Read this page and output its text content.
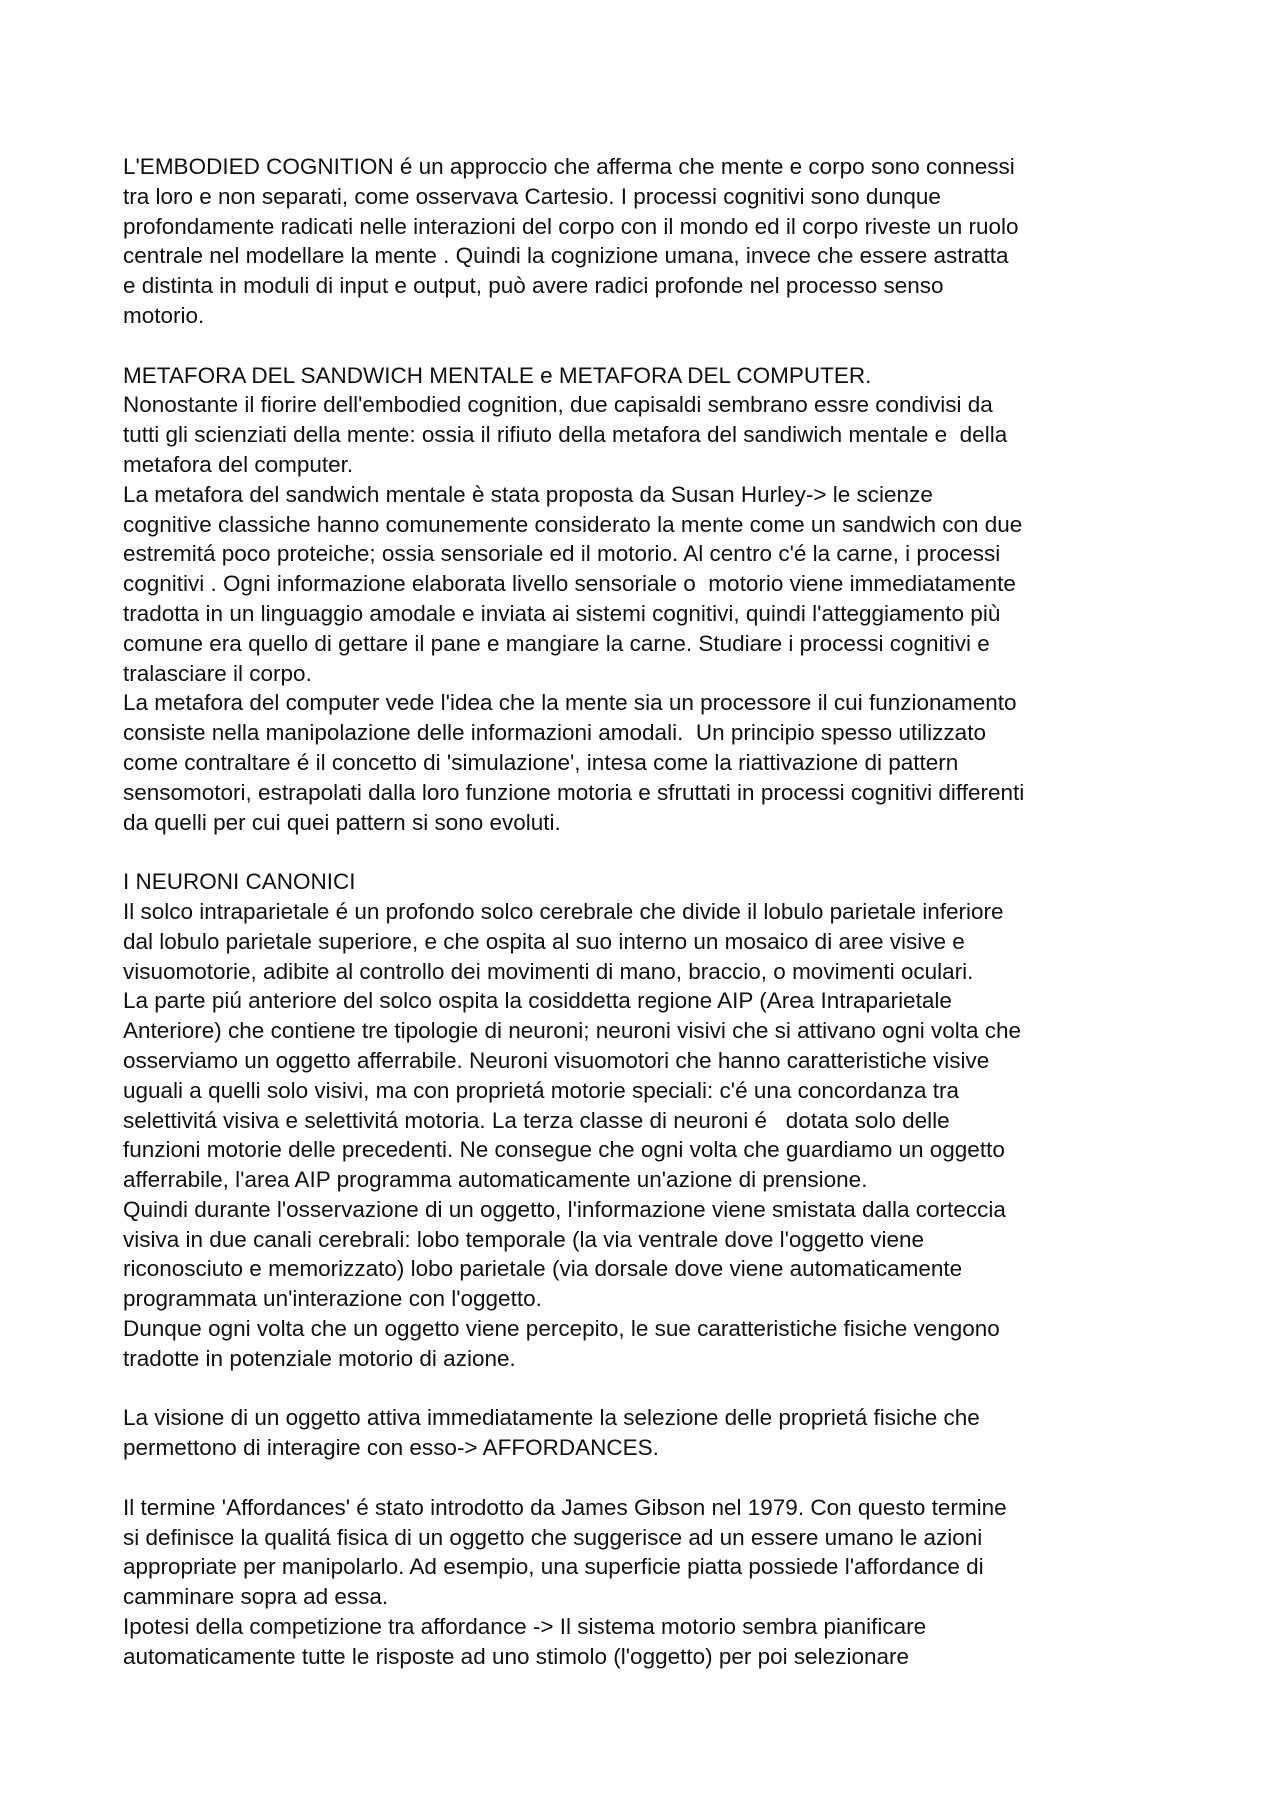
L'EMBODIED COGNITION é un approccio che afferma che mente e corpo sono connessi
tra loro e non separati, come osservava Cartesio. I processi cognitivi sono dunque
profondamente radicati nelle interazioni del corpo con il mondo ed il corpo riveste un ruolo
centrale nel modellare la mente . Quindi la cognizione umana, invece che essere astratta
e distinta in moduli di input e output, può avere radici profonde nel processo senso
motorio.
METAFORA DEL SANDWICH MENTALE e METAFORA DEL COMPUTER.
Nonostante il fiorire dell'embodied cognition, due capisaldi sembrano essre condivisi da
tutti gli scienziati della mente: ossia il rifiuto della metafora del sandiwich mentale e  della
metafora del computer.
La metafora del sandwich mentale è stata proposta da Susan Hurley-> le scienze
cognitive classiche hanno comunemente considerato la mente come un sandwich con due
estremitá poco proteiche; ossia sensoriale ed il motorio. Al centro c'é la carne, i processi
cognitivi . Ogni informazione elaborata livello sensoriale o  motorio viene immediatamente
tradotta in un linguaggio amodale e inviata ai sistemi cognitivi, quindi l'atteggiamento più
comune era quello di gettare il pane e mangiare la carne. Studiare i processi cognitivi e
tralasciare il corpo.
La metafora del computer vede l'idea che la mente sia un processore il cui funzionamento
consiste nella manipolazione delle informazioni amodali.  Un principio spesso utilizzato
come contraltare é il concetto di 'simulazione', intesa come la riattivazione di pattern
sensomotori, estrapolati dalla loro funzione motoria e sfruttati in processi cognitivi differenti
da quelli per cui quei pattern si sono evoluti.
I NEURONI CANONICI
Il solco intraparietale é un profondo solco cerebrale che divide il lobulo parietale inferiore
dal lobulo parietale superiore, e che ospita al suo interno un mosaico di aree visive e
visuomotorie, adibite al controllo dei movimenti di mano, braccio, o movimenti oculari.
La parte piú anteriore del solco ospita la cosiddetta regione AIP (Area Intraparietale
Anteriore) che contiene tre tipologie di neuroni; neuroni visivi che si attivano ogni volta che
osserviamo un oggetto afferrabile. Neuroni visuomotori che hanno caratteristiche visive
uguali a quelli solo visivi, ma con proprietá motorie speciali: c'é una concordanza tra
selettivitá visiva e selettivitá motoria. La terza classe di neuroni é   dotata solo delle
funzioni motorie delle precedenti. Ne consegue che ogni volta che guardiamo un oggetto
afferrabile, l'area AIP programma automaticamente un'azione di prensione.
Quindi durante l'osservazione di un oggetto, l'informazione viene smistata dalla corteccia
visiva in due canali cerebrali: lobo temporale (la via ventrale dove l'oggetto viene
riconosciuto e memorizzato) lobo parietale (via dorsale dove viene automaticamente
programmata un'interazione con l'oggetto.
Dunque ogni volta che un oggetto viene percepito, le sue caratteristiche fisiche vengono
tradotte in potenziale motorio di azione.
La visione di un oggetto attiva immediatamente la selezione delle proprietá fisiche che
permettono di interagire con esso-> AFFORDANCES.
Il termine 'Affordances' é stato introdotto da James Gibson nel 1979. Con questo termine
si definisce la qualitá fisica di un oggetto che suggerisce ad un essere umano le azioni
appropriate per manipolarlo. Ad esempio, una superficie piatta possiede l'affordance di
camminare sopra ad essa.
Ipotesi della competizione tra affordance -> Il sistema motorio sembra pianificare
automaticamente tutte le risposte ad uno stimolo (l'oggetto) per poi selezionare
